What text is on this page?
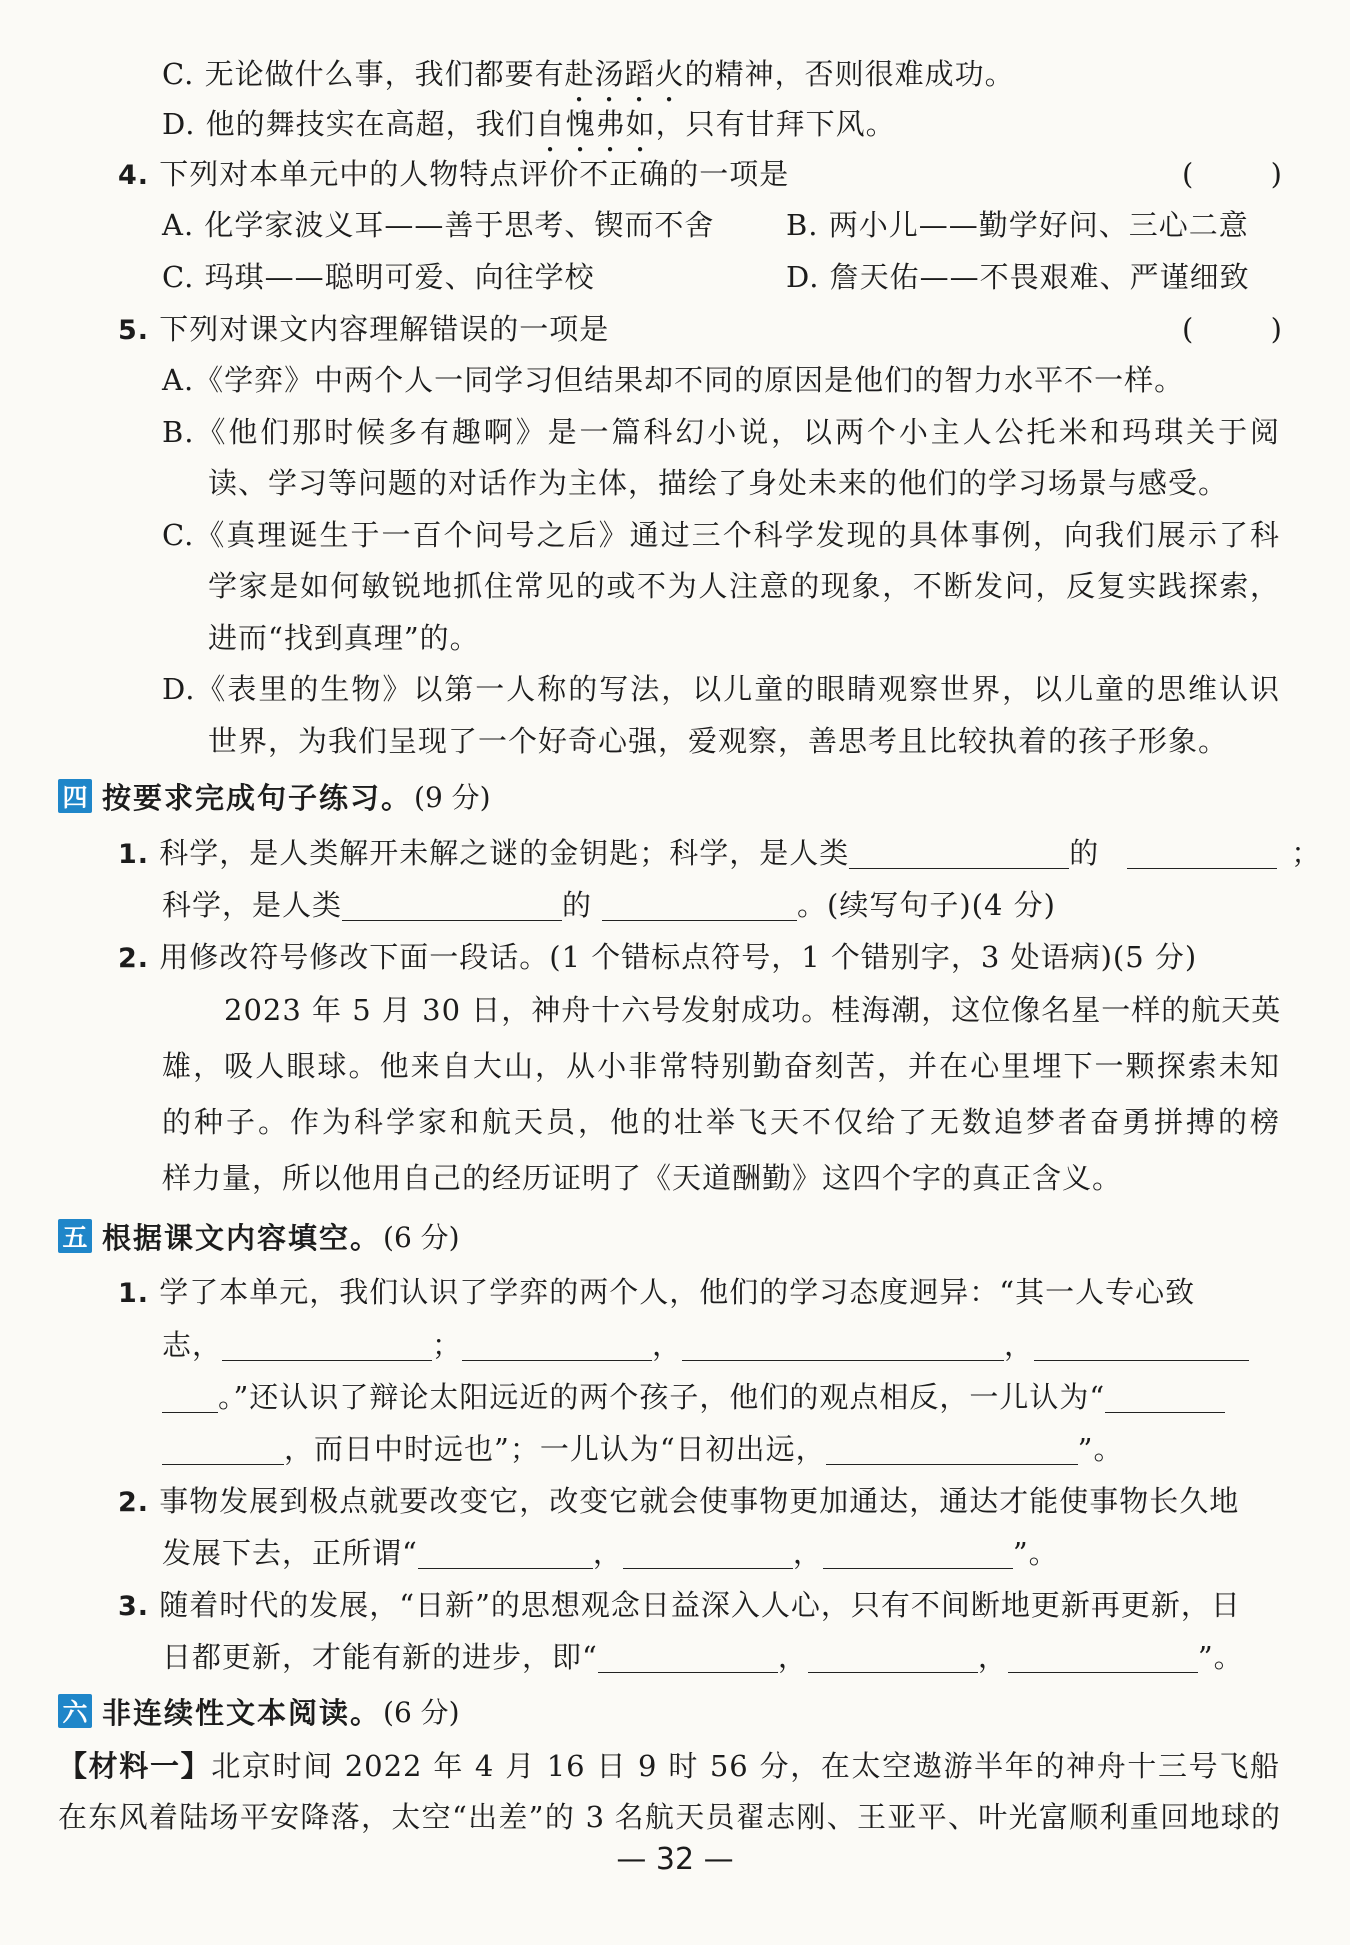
C. 无论做什么事，我们都要有赴汤蹈火的精神，否则很难成功。
D. 他的舞技实在高超，我们自愧弗如，只有甘拜下风。
4. 下列对本单元中的人物特点评价不正确的一项是	(	)
A. 化学家波义耳——善于思考、锲而不舍 B. 两小儿——勤学好问、三心二意
C. 玛琪——聪明可爱、向往学校	D. 詹天佑——不畏艰难、严谨细致
5. 下列对课文内容理解错误的一项是	(	)
A.《学弈》中两个人一同学习但结果却不同的原因是他们的智力水平不一样。
B.《他们那时候多有趣啊》是一篇科幻小说，以两个小主人公托米和玛琪关于阅
读、学习等问题的对话作为主体，描绘了身处未来的他们的学习场景与感受。
C.《真理诞生于一百个问号之后》通过三个科学发现的具体事例，向我们展示了科
学家是如何敏锐地抓住常见的或不为人注意的现象，不断发问，反复实践探索，
进而“找到真理”的。
D.《表里的生物》以第一人称的写法，以儿童的眼睛观察世界，以儿童的思维认识
世界，为我们呈现了一个好奇心强，爱观察，善思考且比较执着的孩子形象。
四 按要求完成句子练习。 (9 分)
1. 科学，是人类解开未解之谜的金钥匙；科学，是人类	的	；
科学，是人类	的	。(续写句子)(4 分)
2. 用修改符号修改下面一段话。(1 个错标点符号，1 个错别字，3 处语病)(5 分)
2023 年 5 月 30 日，神舟十六号发射成功。桂海潮，这位像名星一样的航天英
雄，吸人眼球。他来自大山，从小非常特别勤奋刻苦，并在心里埋下一颗探索未知
的种子。作为科学家和航天员，他的壮举飞天不仅给了无数追梦者奋勇拼搏的榜
样力量，所以他用自己的经历证明了《天道酬勤》这四个字的真正含义。
五 根据课文内容填空。 (6 分)
1. 学了本单元，我们认识了学弈的两个人，他们的学习态度迥异：“其一人专心致
志，	；	，	，
。”还认识了辩论太阳远近的两个孩子，他们的观点相反，一儿认为“
，而日中时远也”；一儿认为“日初出远，	”。
2. 事物发展到极点就要改变它，改变它就会使事物更加通达，通达才能使事物长久地
发展下去，正所谓“	，	，	”。
3. 随着时代的发展，“日新”的思想观念日益深入人心，只有不间断地更新再更新，日
日都更新，才能有新的进步，即“	，	，	”。
六 非连续性文本阅读。 (6 分)
【材料一】北京时间 2022 年 4 月 16 日 9 时 56 分，在太空遨游半年的神舟十三号飞船
在东风着陆场平安降落，太空“出差”的 3 名航天员翟志刚、王亚平、叶光富顺利重回地球的
— 32 —
